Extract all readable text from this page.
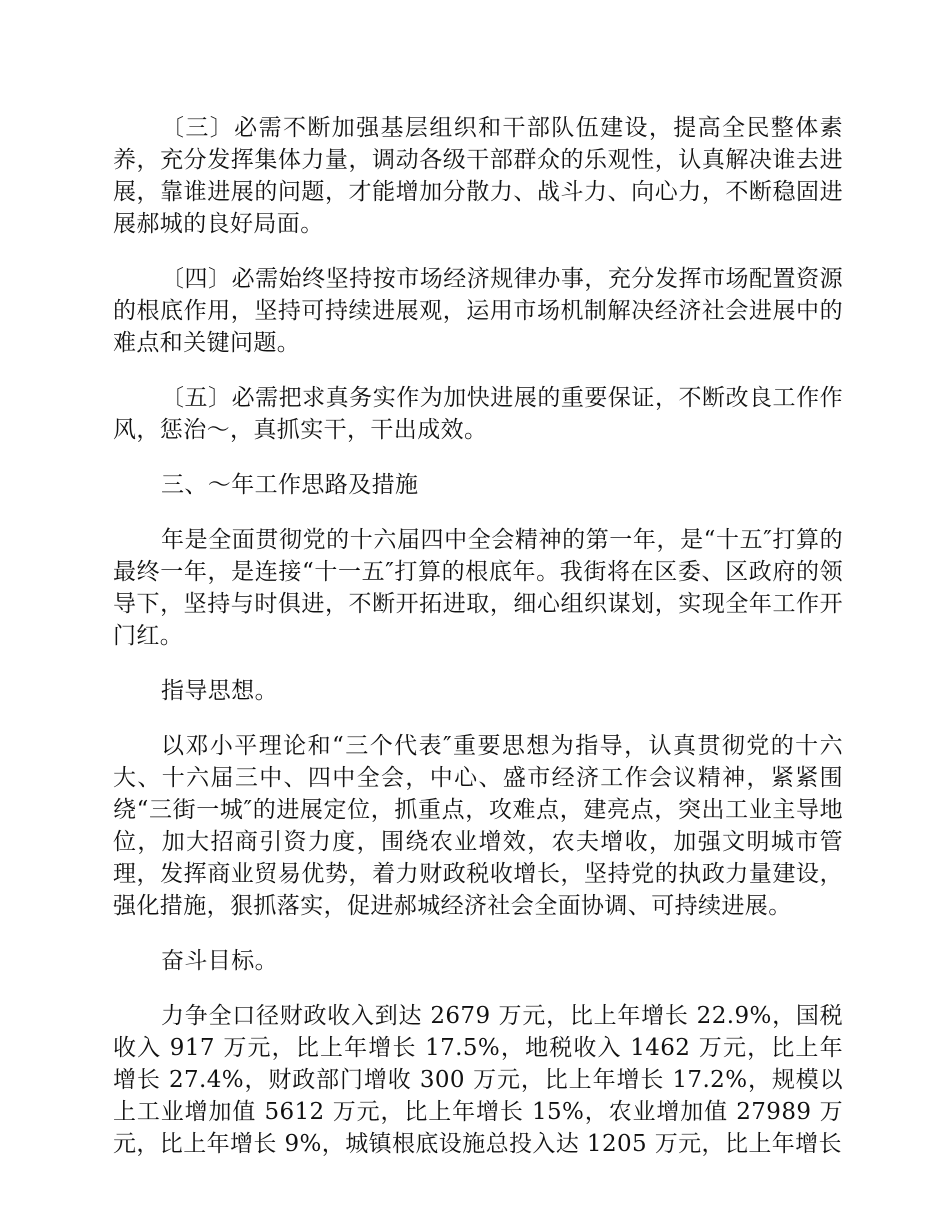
〔三〕必需不断加强基层组织和干部队伍建设，提高全民整体素养，充分发挥集体力量，调动各级干部群众的乐观性，认真解决谁去进展，靠谁进展的问题，才能增加分散力、战斗力、向心力，不断稳固进展郝城的良好局面。

〔四〕必需始终坚持按市场经济规律办事，充分发挥市场配置资源的根底作用，坚持可持续进展观，运用市场机制解决经济社会进展中的难点和关键问题。

〔五〕必需把求真务实作为加快进展的重要保证，不断改良工作作风，惩治～，真抓实干，干出成效。

三、～年工作思路及措施

年是全面贯彻党的十六届四中全会精神的第一年，是“十五″打算的最终一年，是连接“十一五″打算的根底年。我街将在区委、区政府的领导下，坚持与时俱进，不断开拓进取，细心组织谋划，实现全年工作开门红。

指导思想。

以邓小平理论和“三个代表″重要思想为指导，认真贯彻党的十六大、十六届三中、四中全会，中心、盛市经济工作会议精神，紧紧围绕“三街一城″的进展定位，抓重点，攻难点，建亮点，突出工业主导地位，加大招商引资力度，围绕农业增效，农夫增收，加强文明城市管理，发挥商业贸易优势，着力财政税收增长，坚持党的执政力量建设，强化措施，狠抓落实，促进郝城经济社会全面协调、可持续进展。

奋斗目标。

力争全口径财政收入到达 2679 万元，比上年增长 22.9%，国税收入 917 万元，比上年增长 17.5%，地税收入 1462 万元，比上年增长 27.4%，财政部门增收 300 万元，比上年增长 17.2%，规模以上工业增加值 5612 万元，比上年增长 15%，农业增加值 27989 万元，比上年增长 9%，城镇根底设施总投入达 1205 万元，比上年增长
